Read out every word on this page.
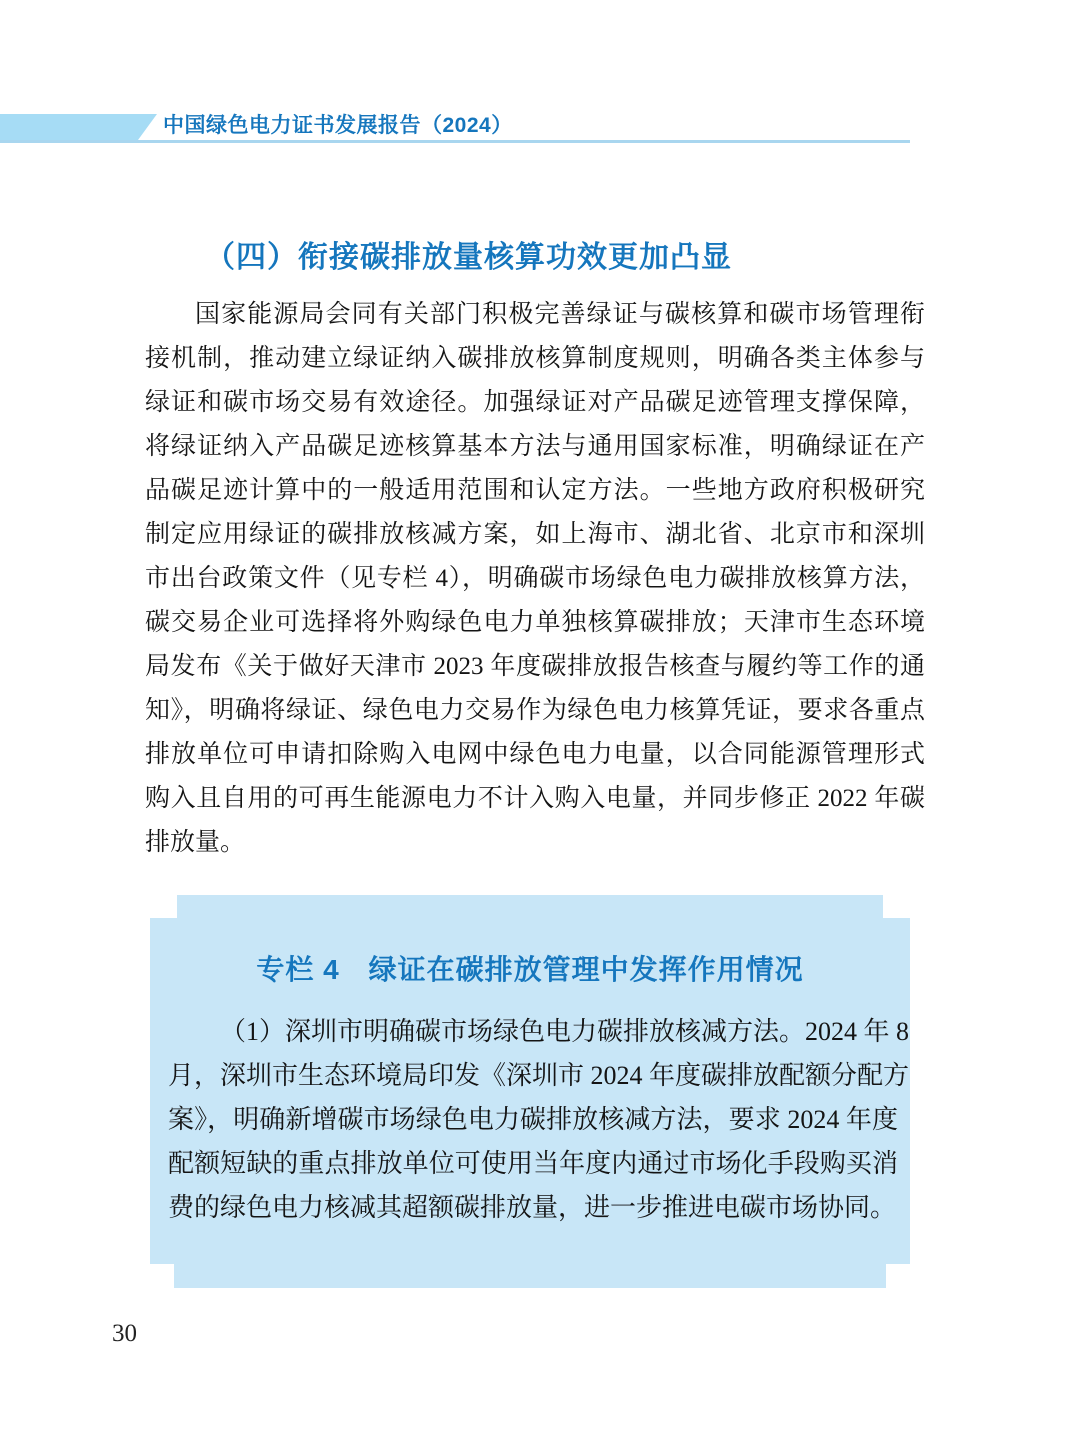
中国绿色电力证书发展报告（2024）
（四）衔接碳排放量核算功效更加凸显
国家能源局会同有关部门积极完善绿证与碳核算和碳市场管理衔
接机制，推动建立绿证纳入碳排放核算制度规则，明确各类主体参与
绿证和碳市场交易有效途径。加强绿证对产品碳足迹管理支撑保障，
将绿证纳入产品碳足迹核算基本方法与通用国家标准，明确绿证在产
品碳足迹计算中的一般适用范围和认定方法。一些地方政府积极研究
制定应用绿证的碳排放核减方案，如上海市、湖北省、北京市和深圳
市出台政策文件（见专栏 4），明确碳市场绿色电力碳排放核算方法，
碳交易企业可选择将外购绿色电力单独核算碳排放；天津市生态环境
局发布《关于做好天津市 2023 年度碳排放报告核查与履约等工作的通
知》，明确将绿证、绿色电力交易作为绿色电力核算凭证，要求各重点
排放单位可申请扣除购入电网中绿色电力电量，以合同能源管理形式
购入且自用的可再生能源电力不计入购入电量，并同步修正 2022 年碳
排放量。
专栏 4　绿证在碳排放管理中发挥作用情况
（1）深圳市明确碳市场绿色电力碳排放核减方法。2024 年 8
月，深圳市生态环境局印发《深圳市 2024 年度碳排放配额分配方
案》，明确新增碳市场绿色电力碳排放核减方法，要求 2024 年度
配额短缺的重点排放单位可使用当年度内通过市场化手段购买消
费的绿色电力核减其超额碳排放量，进一步推进电碳市场协同。
30
